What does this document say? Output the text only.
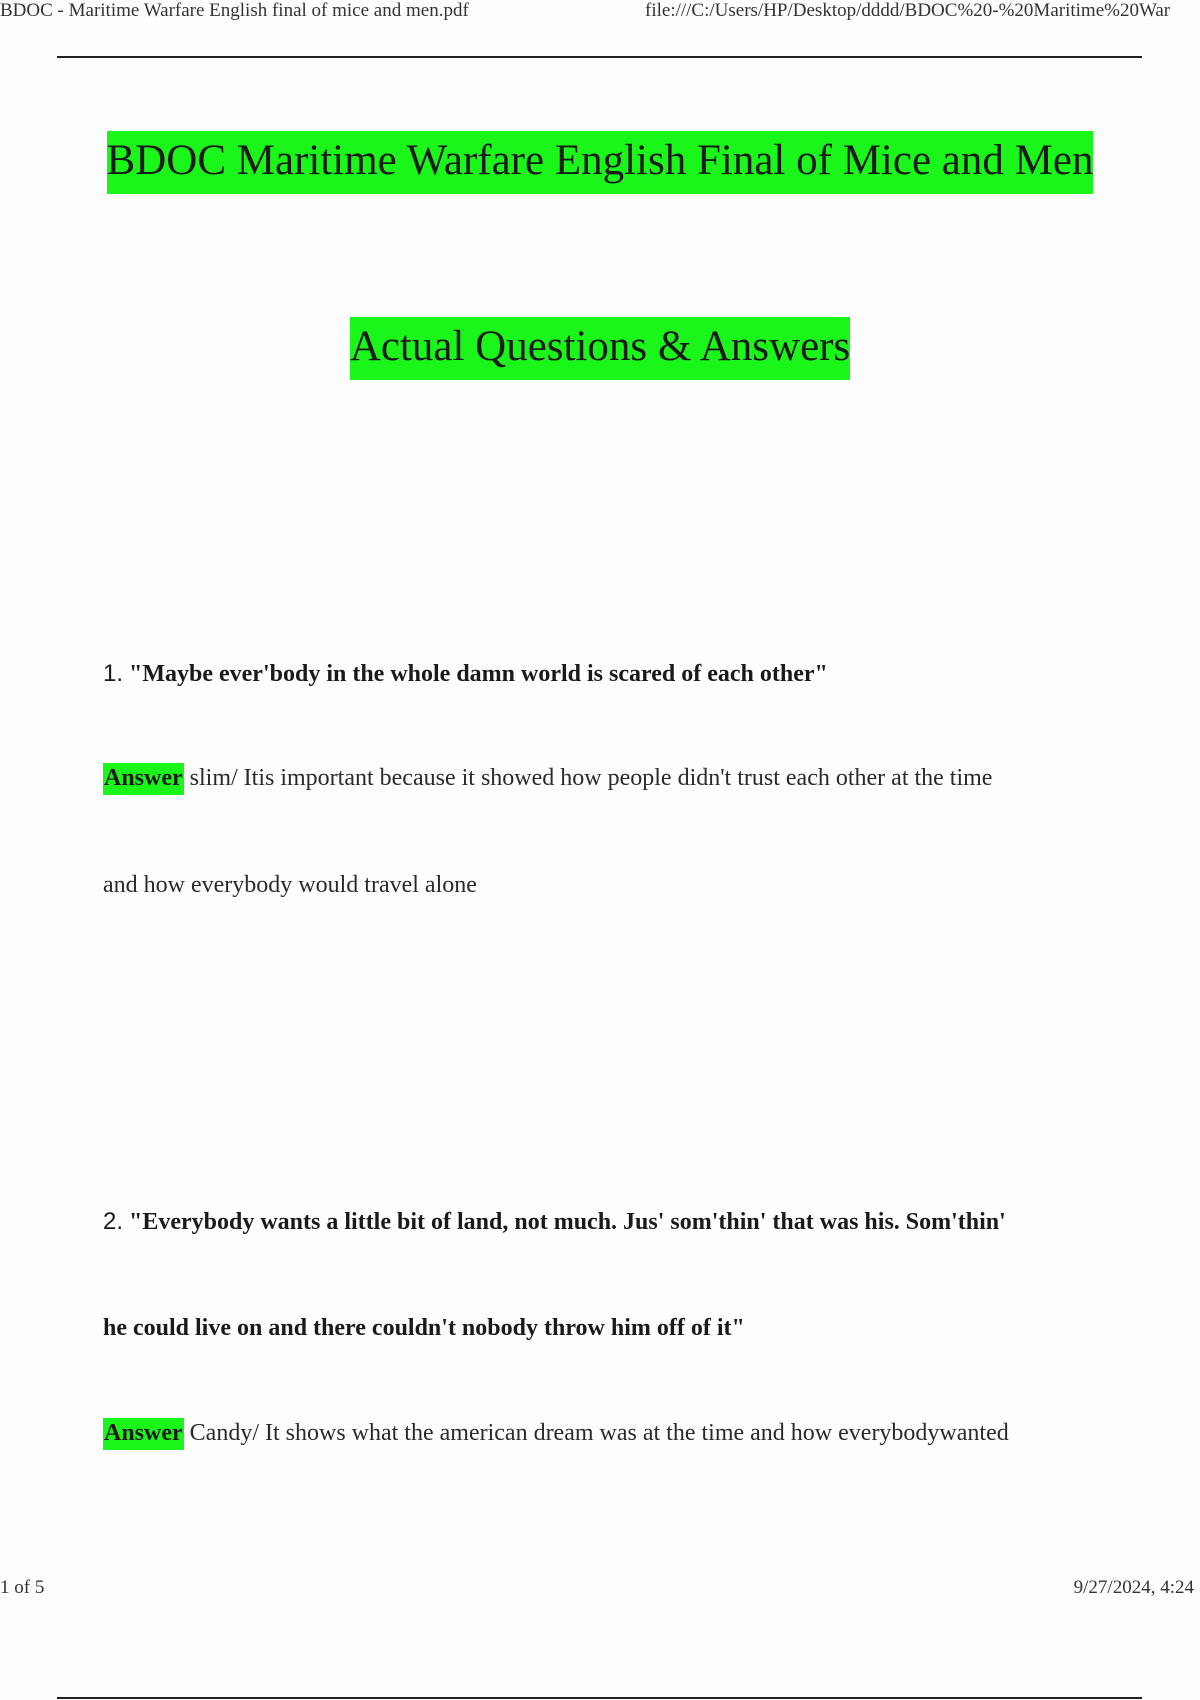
BDOC - Maritime Warfare English final of mice and men.pdf	file:///C:/Users/HP/Desktop/dddd/BDOC%20-%20Maritime%20War
BDOC Maritime Warfare English Final of Mice and Men
Actual Questions & Answers
1. "Maybe ever'body in the whole damn world is scared of each other"
Answer slim/ Itis important because it showed how people didn't trust each other at the time
and how everybody would travel alone
2. "Everybody wants a little bit of land, not much. Jus' som'thin' that was his. Som'thin'
he could live on and there couldn't nobody throw him off of it"
Answer Candy/ It shows what the american dream was at the time and how everybodywanted
1 of 5	9/27/2024, 4:24
